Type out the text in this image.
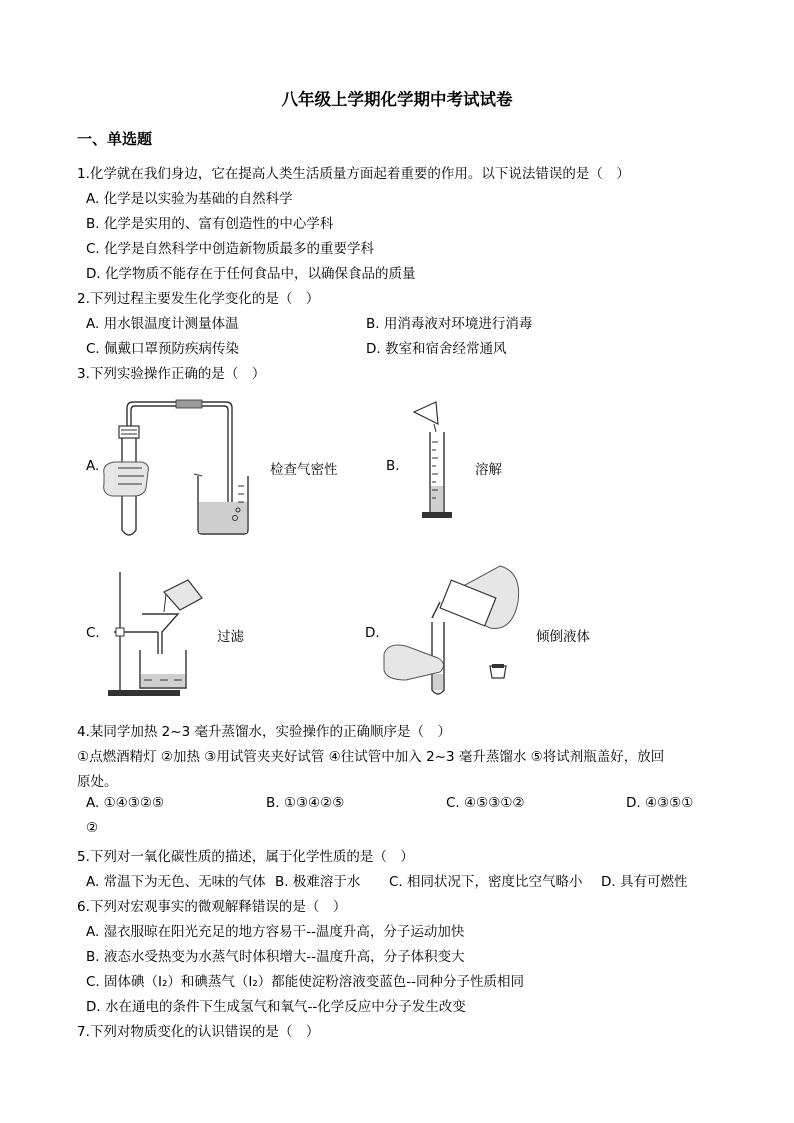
八年级上学期化学期中考试试卷
一、单选题
1.化学就在我们身边，它在提高人类生活质量方面起着重要的作用。以下说法错误的是（　）
A. 化学是以实验为基础的自然科学
B. 化学是实用的、富有创造性的中心学科
C. 化学是自然科学中创造新物质最多的重要学科
D. 化学物质不能存在于任何食品中，以确保食品的质量
2.下列过程主要发生化学变化的是（　）
A. 用水银温度计测量体温	B. 用消毒液对环境进行消毒
C. 佩戴口罩预防疾病传染	D. 教室和宿舍经常通风
3.下列实验操作正确的是（　）
A.	检查气密性	B.	溶解
C.	过滤	D.	倾倒液体
4.某同学加热 2~3 毫升蒸馏水，实验操作的正确顺序是（　）
①点燃酒精灯 ②加热 ③用试管夹夹好试管 ④往试管中加入 2~3 毫升蒸馏水 ⑤将试剂瓶盖好，放回
原处。
A. ①④③②⑤	B. ①③④②⑤	C. ④⑤③①②	D. ④③⑤①
②
5.下列对一氧化碳性质的描述，属于化学性质的是（　）
A. 常温下为无色、无味的气体 B. 极难溶于水 C. 相同状况下，密度比空气略小 D. 具有可燃性
6.下列对宏观事实的微观解释错误的是（　）
A. 湿衣服晾在阳光充足的地方容易干--温度升高，分子运动加快
B. 液态水受热变为水蒸气时体积增大--温度升高，分子体积变大
C. 固体碘（I₂）和碘蒸气（I₂）都能使淀粉溶液变蓝色--同种分子性质相同
D. 水在通电的条件下生成氢气和氧气--化学反应中分子发生改变
7.下列对物质变化的认识错误的是（　）
